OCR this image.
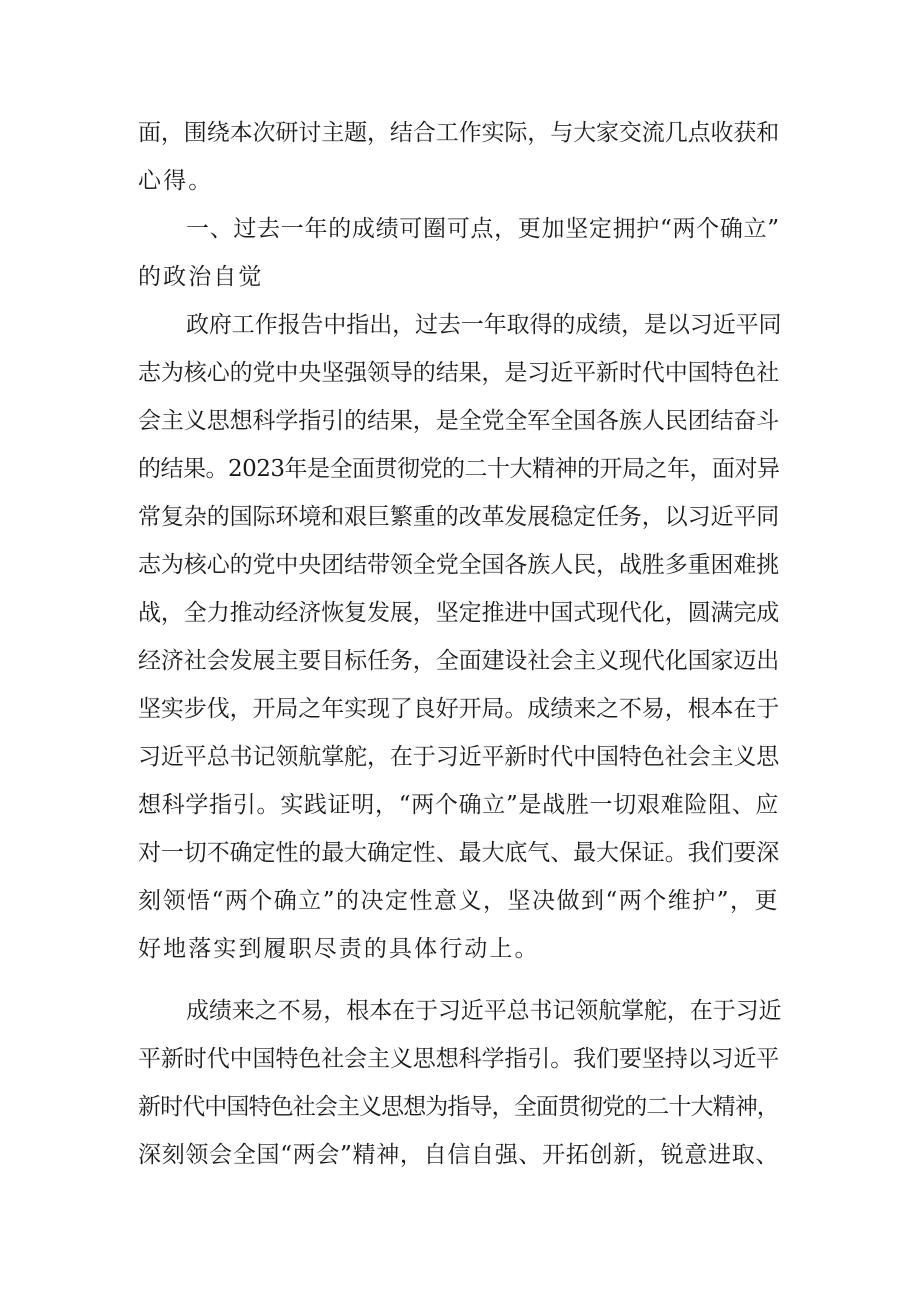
面，围绕本次研讨主题，结合工作实际，与大家交流几点收获和
心得。
一、过去一年的成绩可圈可点，更加坚定拥护“两个确立”
的政治自觉
政府工作报告中指出，过去一年取得的成绩，是以习近平同
志为核心的党中央坚强领导的结果，是习近平新时代中国特色社
会主义思想科学指引的结果，是全党全军全国各族人民团结奋斗
的结果。2023年是全面贯彻党的二十大精神的开局之年，面对异
常复杂的国际环境和艰巨繁重的改革发展稳定任务，以习近平同
志为核心的党中央团结带领全党全国各族人民，战胜多重困难挑
战，全力推动经济恢复发展，坚定推进中国式现代化，圆满完成
经济社会发展主要目标任务，全面建设社会主义现代化国家迈出
坚实步伐，开局之年实现了良好开局。成绩来之不易，根本在于
习近平总书记领航掌舵，在于习近平新时代中国特色社会主义思
想科学指引。实践证明，“两个确立”是战胜一切艰难险阻、应
对一切不确定性的最大确定性、最大底气、最大保证。我们要深
刻领悟“两个确立”的决定性意义，坚决做到“两个维护”，更
好地落实到履职尽责的具体行动上。
成绩来之不易，根本在于习近平总书记领航掌舵，在于习近
平新时代中国特色社会主义思想科学指引。我们要坚持以习近平
新时代中国特色社会主义思想为指导，全面贯彻党的二十大精神，
深刻领会全国“两会”精神，自信自强、开拓创新，锐意进取、
